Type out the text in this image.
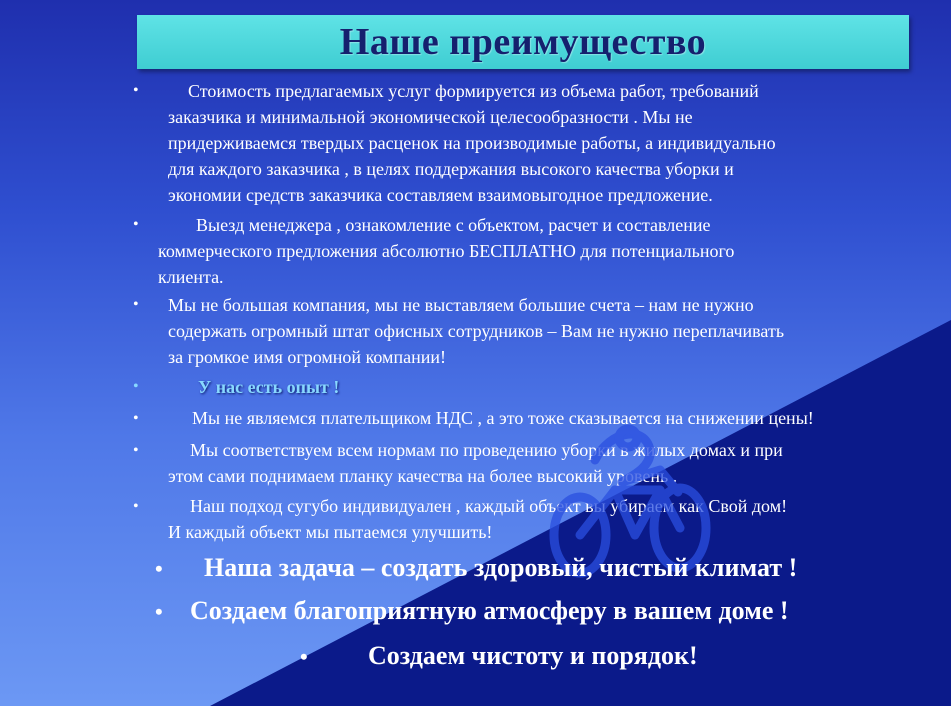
Наше преимущество
•	Стоимость предлагаемых услуг формируется из объема работ, требований
заказчика и минимальной экономической целесообразности . Мы не
придерживаемся твердых расценок на производимые работы, а индивидуально
для каждого заказчика , в целях поддержания высокого качества уборки и
экономии средств заказчика составляем взаимовыгодное предложение.
•	Выезд менеджера , ознакомление с объектом, расчет и составление
коммерческого предложения абсолютно БЕСПЛАТНО для потенциального
клиента.
• Мы не большая компания, мы не выставляем большие счета – нам не нужно
содержать огромный штат офисных сотрудников – Вам не нужно переплачивать
за громкое имя огромной компании!
•	У нас есть опыт !
•	Мы не являемся плательщиком НДС , а это тоже сказывается на снижении цены!
•	Мы соответствуем всем нормам по проведению уборки в жилых домах и при
этом сами поднимаем планку качества на более высокий уровень .
•	Наш подход сугубо индивидуален , каждый объект вы убираем как Свой дом!
И каждый объект мы пытаемся улучшить!
• Наша задача – создать здоровый, чистый климат !
• Создаем благоприятную атмосферу в вашем доме !
• Создаем чистоту и порядок!
